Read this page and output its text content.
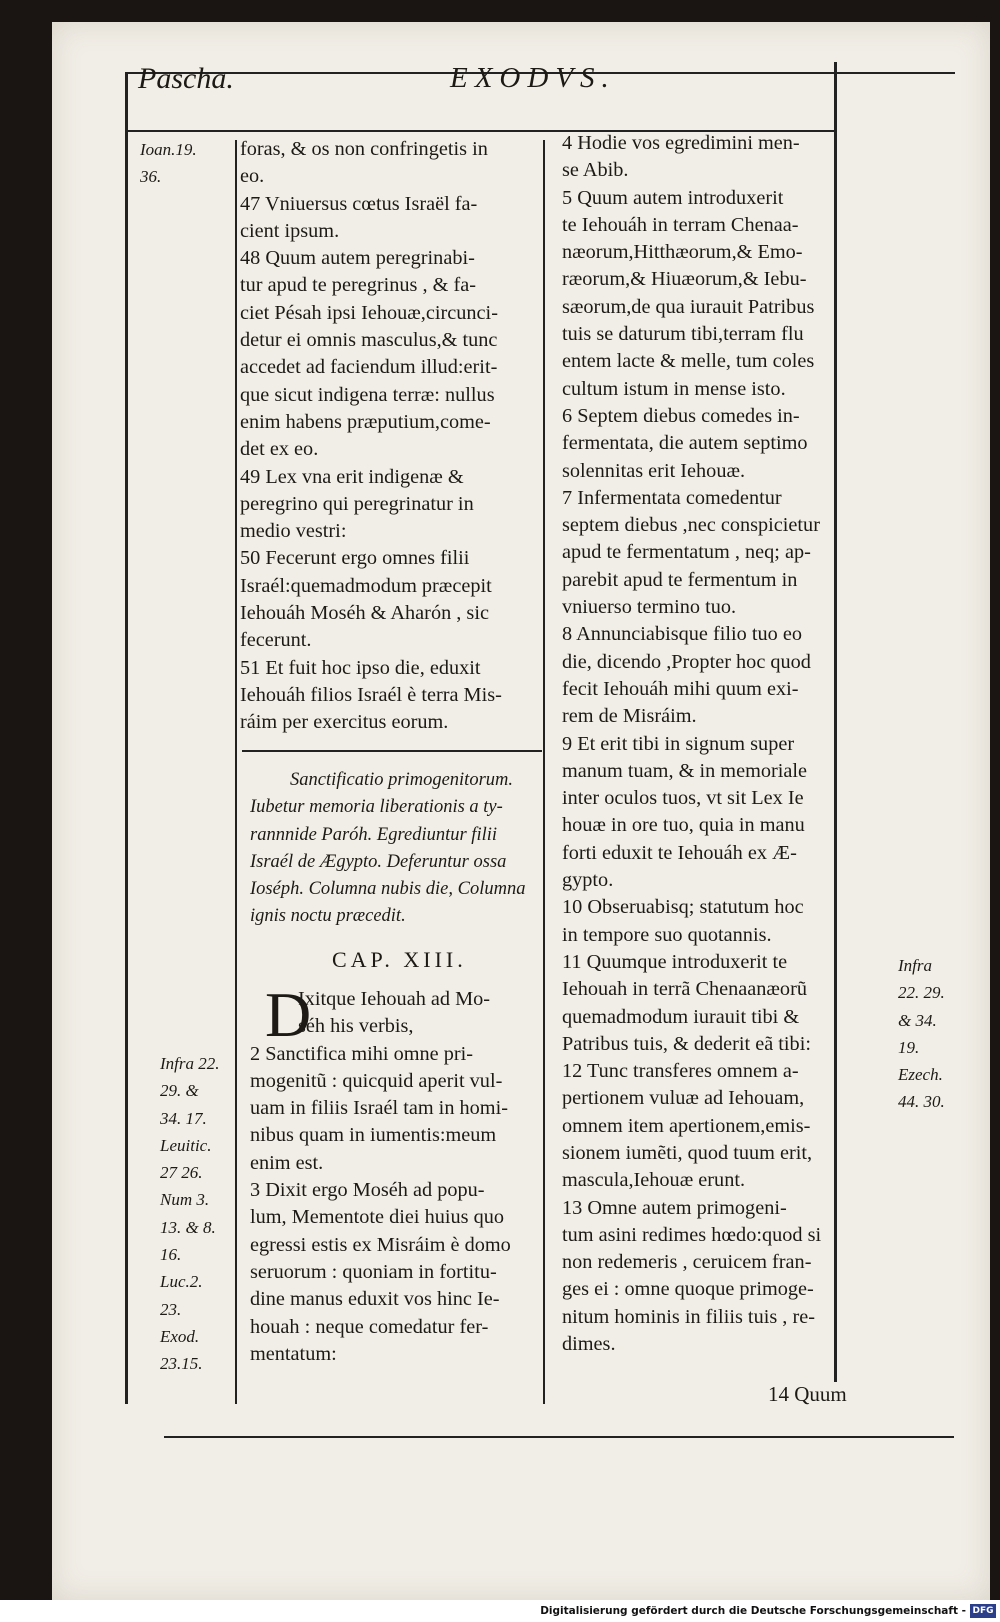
Pascha.	EXODVS.
Ioan.19.
36.
foras, & os non confringetis in
eo.
47 Vniuersus cœtus Israël fa-
cient ipsum.
48 Quum autem peregrinabi-
tur apud te peregrinus , & fa-
ciet Pésah ipsi Iehouæ,circunci-
detur ei omnis masculus,& tunc
accedet ad faciendum illud:erit-
que sicut indigena terræ: nullus
enim habens præputium,come-
det ex eo.
49 Lex vna erit indigenæ &
peregrino qui peregrinatur in
medio vestri:
50 Fecerunt ergo omnes filii
Israél:quemadmodum præcepit
Iehouáh Moséh & Aharón , sic
fecerunt.
51 Et fuit hoc ipso die, eduxit
Iehouáh filios Israél è terra Mis-
ráim per exercitus eorum.
Sanctificatio primogenitorum.
Iubetur memoria liberationis a ty-
rannnide Paróh. Egrediuntur filii
Israél de Ægypto. Deferuntur ossa
Ioséph. Columna nubis die, Columna
ignis noctu præcedit.
CAP. XIII.
D
Infra 22.
29. &
34. 17.
Leuitic.
27 26.
Num 3.
13. & 8.
16.
Luc.2.
23.
Exod.
23.15.
Ixitque Iehouah ad Mo-
séh his verbis,
2 Sanctifica mihi omne pri-
mogenitũ : quicquid aperit vul-
uam in filiis Israél tam in homi-
nibus quam in iumentis:meum
enim est.
3 Dixit ergo Moséh ad popu-
lum, Mementote diei huius quo
egressi estis ex Misráim è domo
seruorum : quoniam in fortitu-
dine manus eduxit vos hinc Ie-
houah : neque comedatur fer-
mentatum:
4 Hodie vos egredimini men-
se Abib.
5 Quum autem introduxerit
te Iehouáh in terram Chenaa-
næorum,Hitthæorum,& Emo-
ræorum,& Hiuæorum,& Iebu-
sæorum,de qua iurauit Patribus
tuis se daturum tibi,terram flu
entem lacte & melle, tum coles
cultum istum in mense isto.
6 Septem diebus comedes in-
fermentata, die autem septimo
solennitas erit Iehouæ.
7 Infermentata comedentur
septem diebus ,nec conspicietur
apud te fermentatum , neq; ap-
parebit apud te fermentum in
vniuerso termino tuo.
8 Annunciabisque filio tuo eo
die, dicendo ,Propter hoc quod
fecit Iehouáh mihi quum exi-
rem de Misráim.
9 Et erit tibi in signum super
manum tuam, & in memoriale
inter oculos tuos, vt sit Lex Ie
houæ in ore tuo, quia in manu
forti eduxit te Iehouáh ex Æ-
gypto.
10 Obseruabisq; statutum hoc
in tempore suo quotannis.
11 Quumque introduxerit te
Iehouah in terrã Chenaanæorũ
quemadmodum iurauit tibi &
Patribus tuis, & dederit eã tibi:
12 Tunc transferes omnem a-
pertionem vuluæ ad Iehouam,
omnem item apertionem,emis-
sionem iumẽti, quod tuum erit,
mascula,Iehouæ erunt.
13 Omne autem primogeni-
tum asini redimes hœdo:quod si
non redemeris , ceruicem fran-
ges ei : omne quoque primoge-
nitum hominis in filiis tuis , re-
dimes.
Infra
22. 29.
& 34.
19.
Ezech.
44. 30.
14 Quum
Digitalisierung gefördert durch die Deutsche Forschungsgemeinschaft - DFG
